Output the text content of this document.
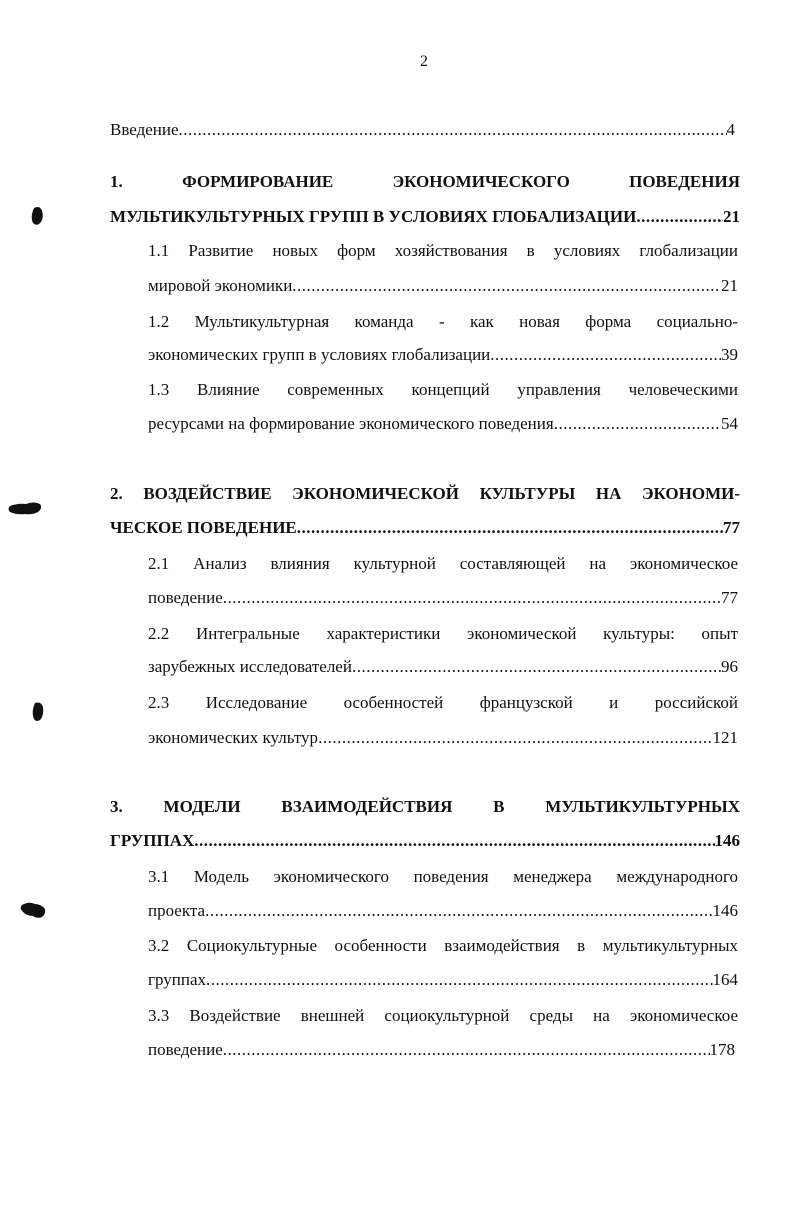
2
Введение .....	4
1. ФОРМИРОВАНИЕ ЭКОНОМИЧЕСКОГО ПОВЕДЕНИЯ
МУЛЬТИКУЛЬТУРНЫХ ГРУПП В УСЛОВИЯХ ГЛОБАЛИЗАЦИИ .....	21
1.1 Развитие новых форм хозяйствования в условиях глобализации
мировой экономики .....	21
1.2 Мультикультурная команда - как новая форма социально-
экономических групп в условиях глобализации .....	39
1.3 Влияние современных концепций управления человеческими
ресурсами на формирование экономического поведения .....	54
2. ВОЗДЕЙСТВИЕ ЭКОНОМИЧЕСКОЙ КУЛЬТУРЫ НА ЭКОНОМИ-
ЧЕСКОЕ ПОВЕДЕНИЕ .....	77
2.1 Анализ влияния культурной составляющей на экономическое
поведение .....	77
2.2 Интегральные характеристики экономической культуры: опыт
зарубежных исследователей .....	96
2.3 Исследование особенностей французской и российской
экономических культур .....	121
3. МОДЕЛИ ВЗАИМОДЕЙСТВИЯ В МУЛЬТИКУЛЬТУРНЫХ
ГРУППАХ .....	146
3.1 Модель экономического поведения менеджера международного
проекта .....	146
3.2 Социокультурные особенности взаимодействия в мультикультурных
группах .....	164
3.3 Воздействие внешней социокультурной среды на экономическое
поведение .....	178
